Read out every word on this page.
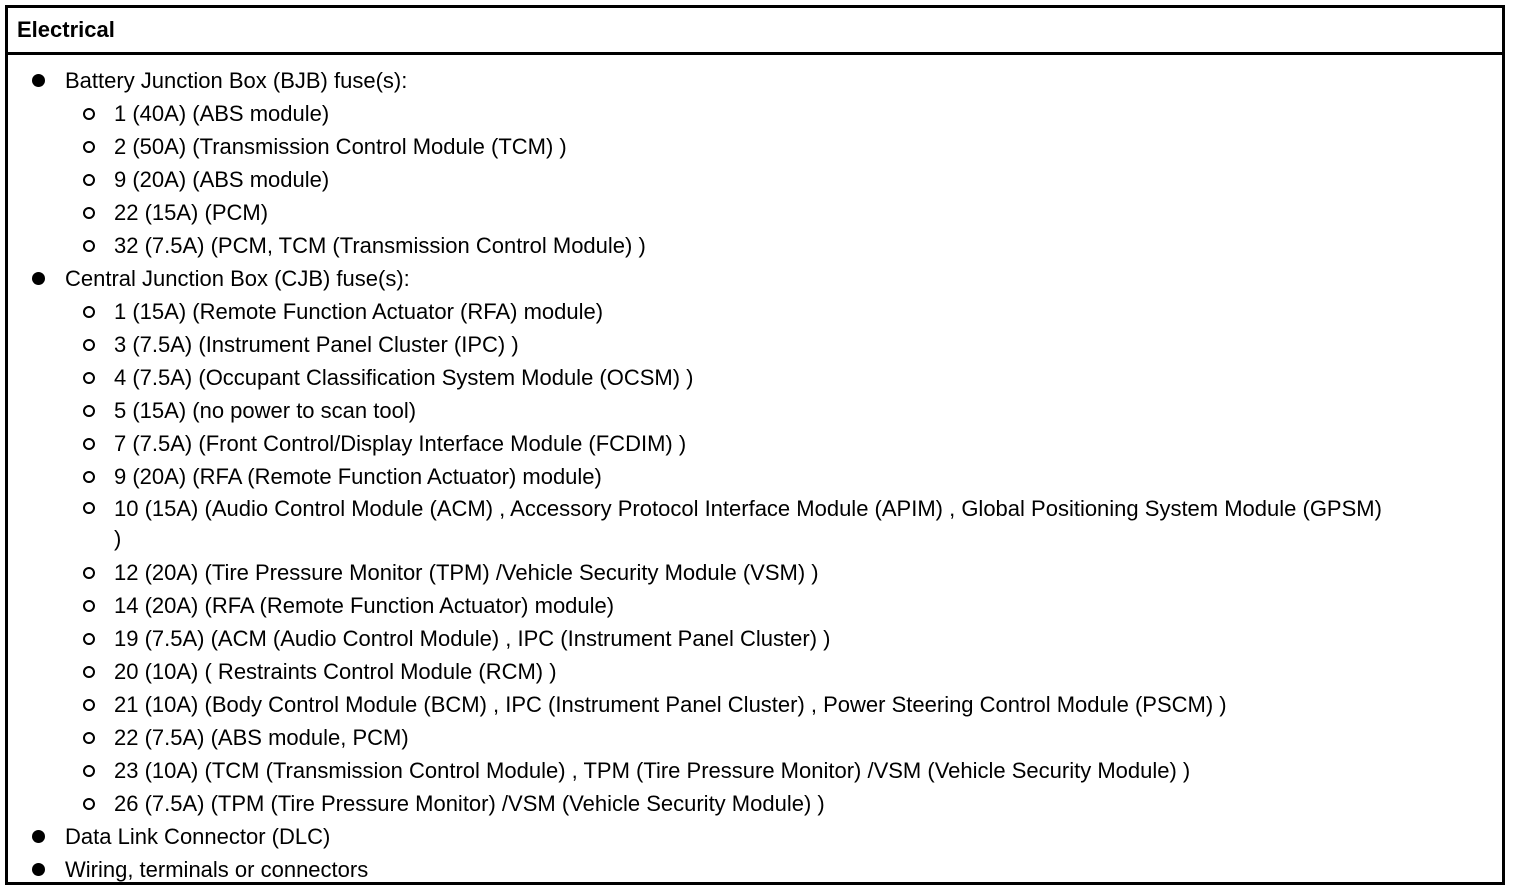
Electrical
Battery Junction Box (BJB) fuse(s):
1 (40A) (ABS module)
2 (50A) (Transmission Control Module (TCM) )
9 (20A) (ABS module)
22 (15A) (PCM)
32 (7.5A) (PCM, TCM (Transmission Control Module) )
Central Junction Box (CJB) fuse(s):
1 (15A) (Remote Function Actuator (RFA) module)
3 (7.5A) (Instrument Panel Cluster (IPC) )
4 (7.5A) (Occupant Classification System Module (OCSM) )
5 (15A) (no power to scan tool)
7 (7.5A) (Front Control/Display Interface Module (FCDIM) )
9 (20A) (RFA (Remote Function Actuator) module)
10 (15A) (Audio Control Module (ACM) , Accessory Protocol Interface Module (APIM) , Global Positioning System Module (GPSM) )
12 (20A) (Tire Pressure Monitor (TPM) /Vehicle Security Module (VSM) )
14 (20A) (RFA (Remote Function Actuator) module)
19 (7.5A) (ACM (Audio Control Module) , IPC (Instrument Panel Cluster) )
20 (10A) ( Restraints Control Module (RCM) )
21 (10A) (Body Control Module (BCM) , IPC (Instrument Panel Cluster) , Power Steering Control Module (PSCM) )
22 (7.5A) (ABS module, PCM)
23 (10A) (TCM (Transmission Control Module) , TPM (Tire Pressure Monitor) /VSM (Vehicle Security Module) )
26 (7.5A) (TPM (Tire Pressure Monitor) /VSM (Vehicle Security Module) )
Data Link Connector (DLC)
Wiring, terminals or connectors
